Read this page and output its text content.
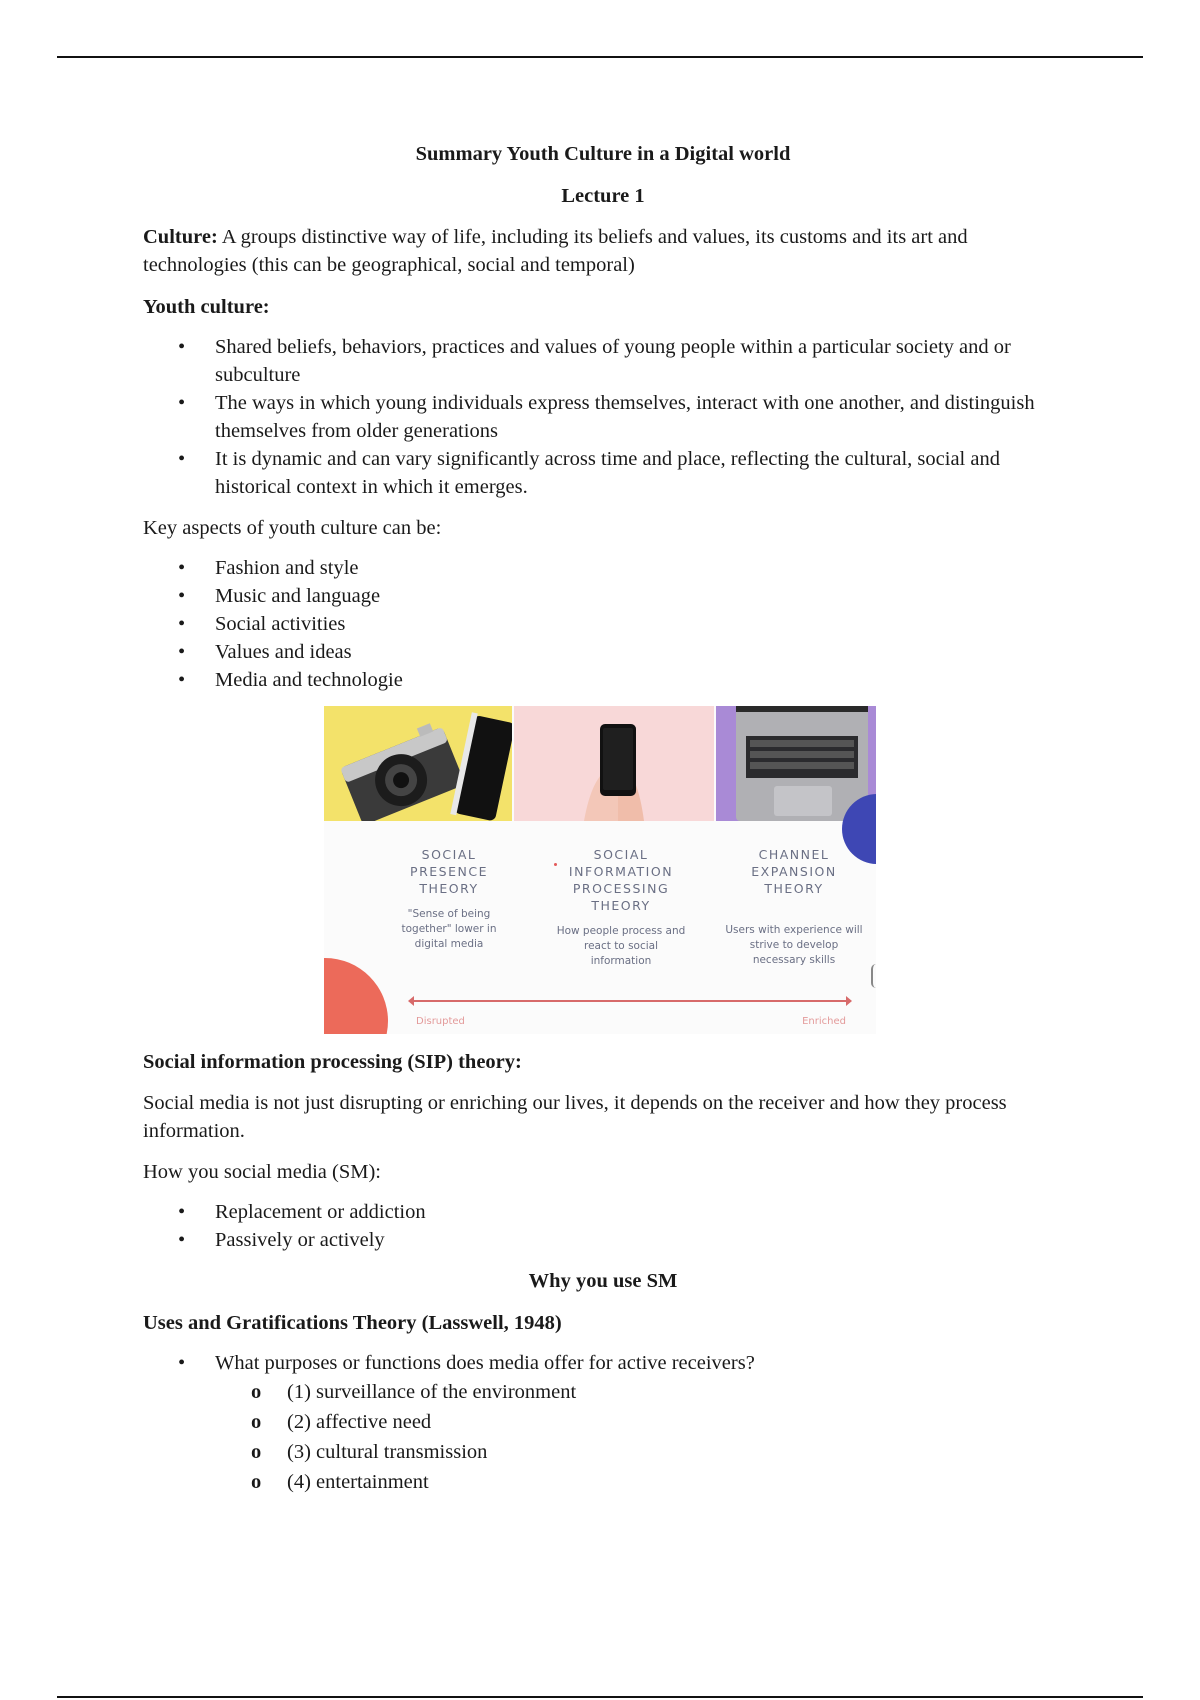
Summary Youth Culture in a Digital world

Lecture 1

Culture: A groups distinctive way of life, including its beliefs and values, its customs and its art and technologies (this can be geographical, social and temporal)

Youth culture:

• Shared beliefs, behaviors, practices and values of young people within a particular society and or subculture
• The ways in which young individuals express themselves, interact with one another, and distinguish themselves from older generations
• It is dynamic and can vary significantly across time and place, reflecting the cultural, social and historical context in which it emerges.

Key aspects of youth culture can be:

• Fashion and style
• Music and language
• Social activities
• Values and ideas
• Media and technologie
SOCIAL PRESENCE THEORY
"Sense of being together" lower in digital media
SOCIAL INFORMATION PROCESSING THEORY
How people process and react to social information
CHANNEL EXPANSION THEORY
Users with experience will strive to develop necessary skills
Disrupted	Enriched

Social information processing (SIP) theory:

Social media is not just disrupting or enriching our lives, it depends on the receiver and how they process information.

How you social media (SM):

• Replacement or addiction
• Passively or actively

Why you use SM

Uses and Gratifications Theory (Lasswell, 1948)

• What purposes or functions does media offer for active receivers?
o (1) surveillance of the environment
o (2) affective need
o (3) cultural transmission
o (4) entertainment
